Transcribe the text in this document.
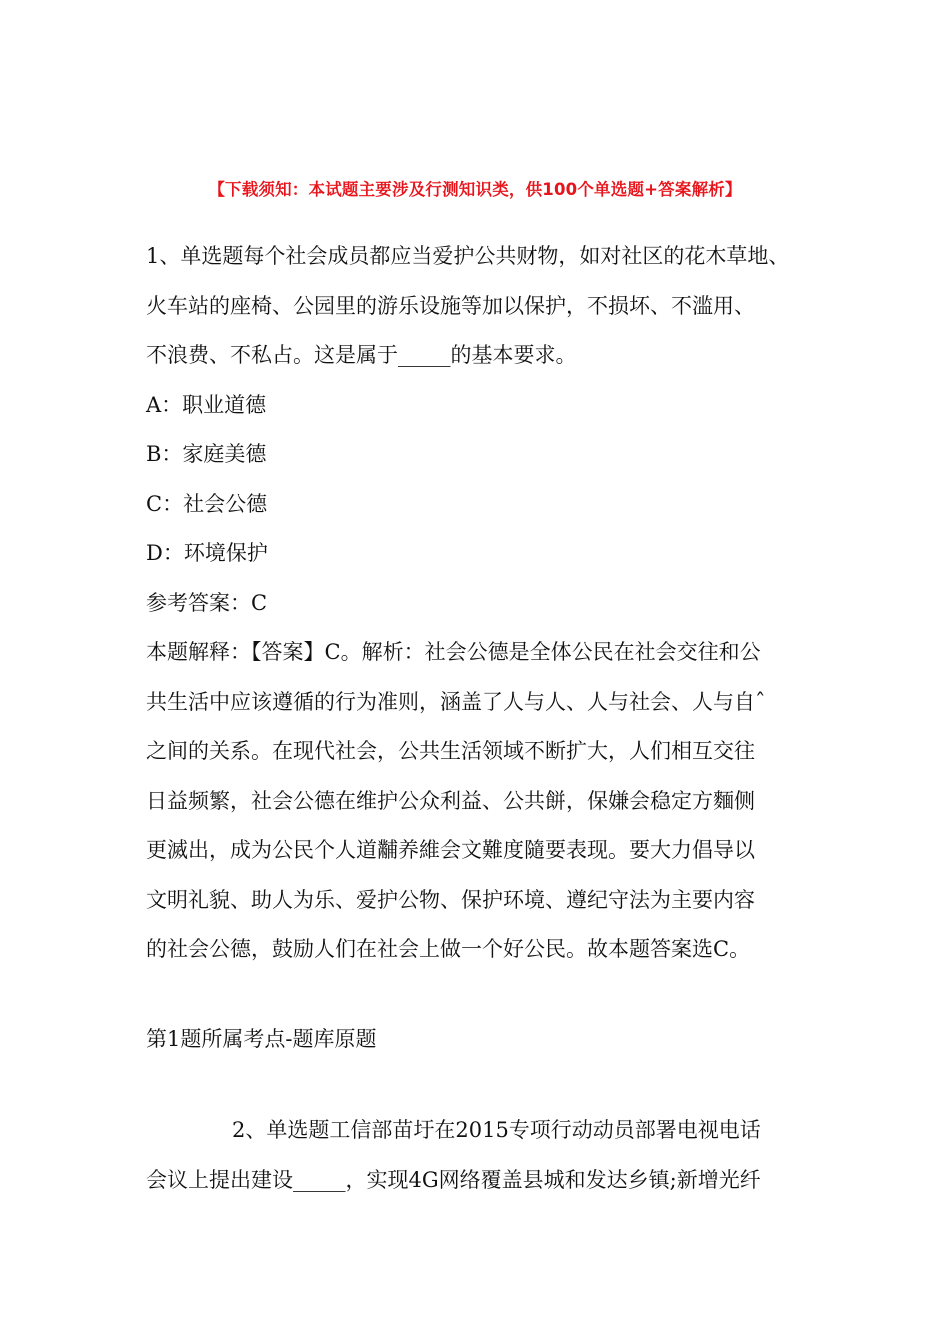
【下载须知：本试题主要涉及行测知识类，供100个单选题+答案解析】
1、单选题每个社会成员都应当爱护公共财物，如对社区的花木草地、
火车站的座椅、公园里的游乐设施等加以保护，不损坏、不滥用、
不浪费、不私占。这是属于_____的基本要求。
A：职业道德
B：家庭美德
C：社会公德
D：环境保护
参考答案：C
本题解释：【答案】C。解析：社会公德是全体公民在社会交往和公
共生活中应该遵循的行为准则，涵盖了人与人、人与社会、人与自ˆ
之间的关系。在现代社会，公共生活领域不断扩大，人们相互交往
日益频繁，社会公德在维护公众利益、公共餅，保嫌会稳定方麵侧
更滅出，成为公民个人道黼养維会文難度隨要表现。要大力倡导以
文明礼貌、助人为乐、爱护公物、保护环境、遵纪守法为主要内容
的社会公德，鼓励人们在社会上做一个好公民。故本题答案选C。
第1题所属考点-题库原题
2、单选题工信部苗圩在2015专项行动动员部署电视电话
会议上提出建设_____，实现4G网络覆盖县城和发达乡镇;新增光纤
